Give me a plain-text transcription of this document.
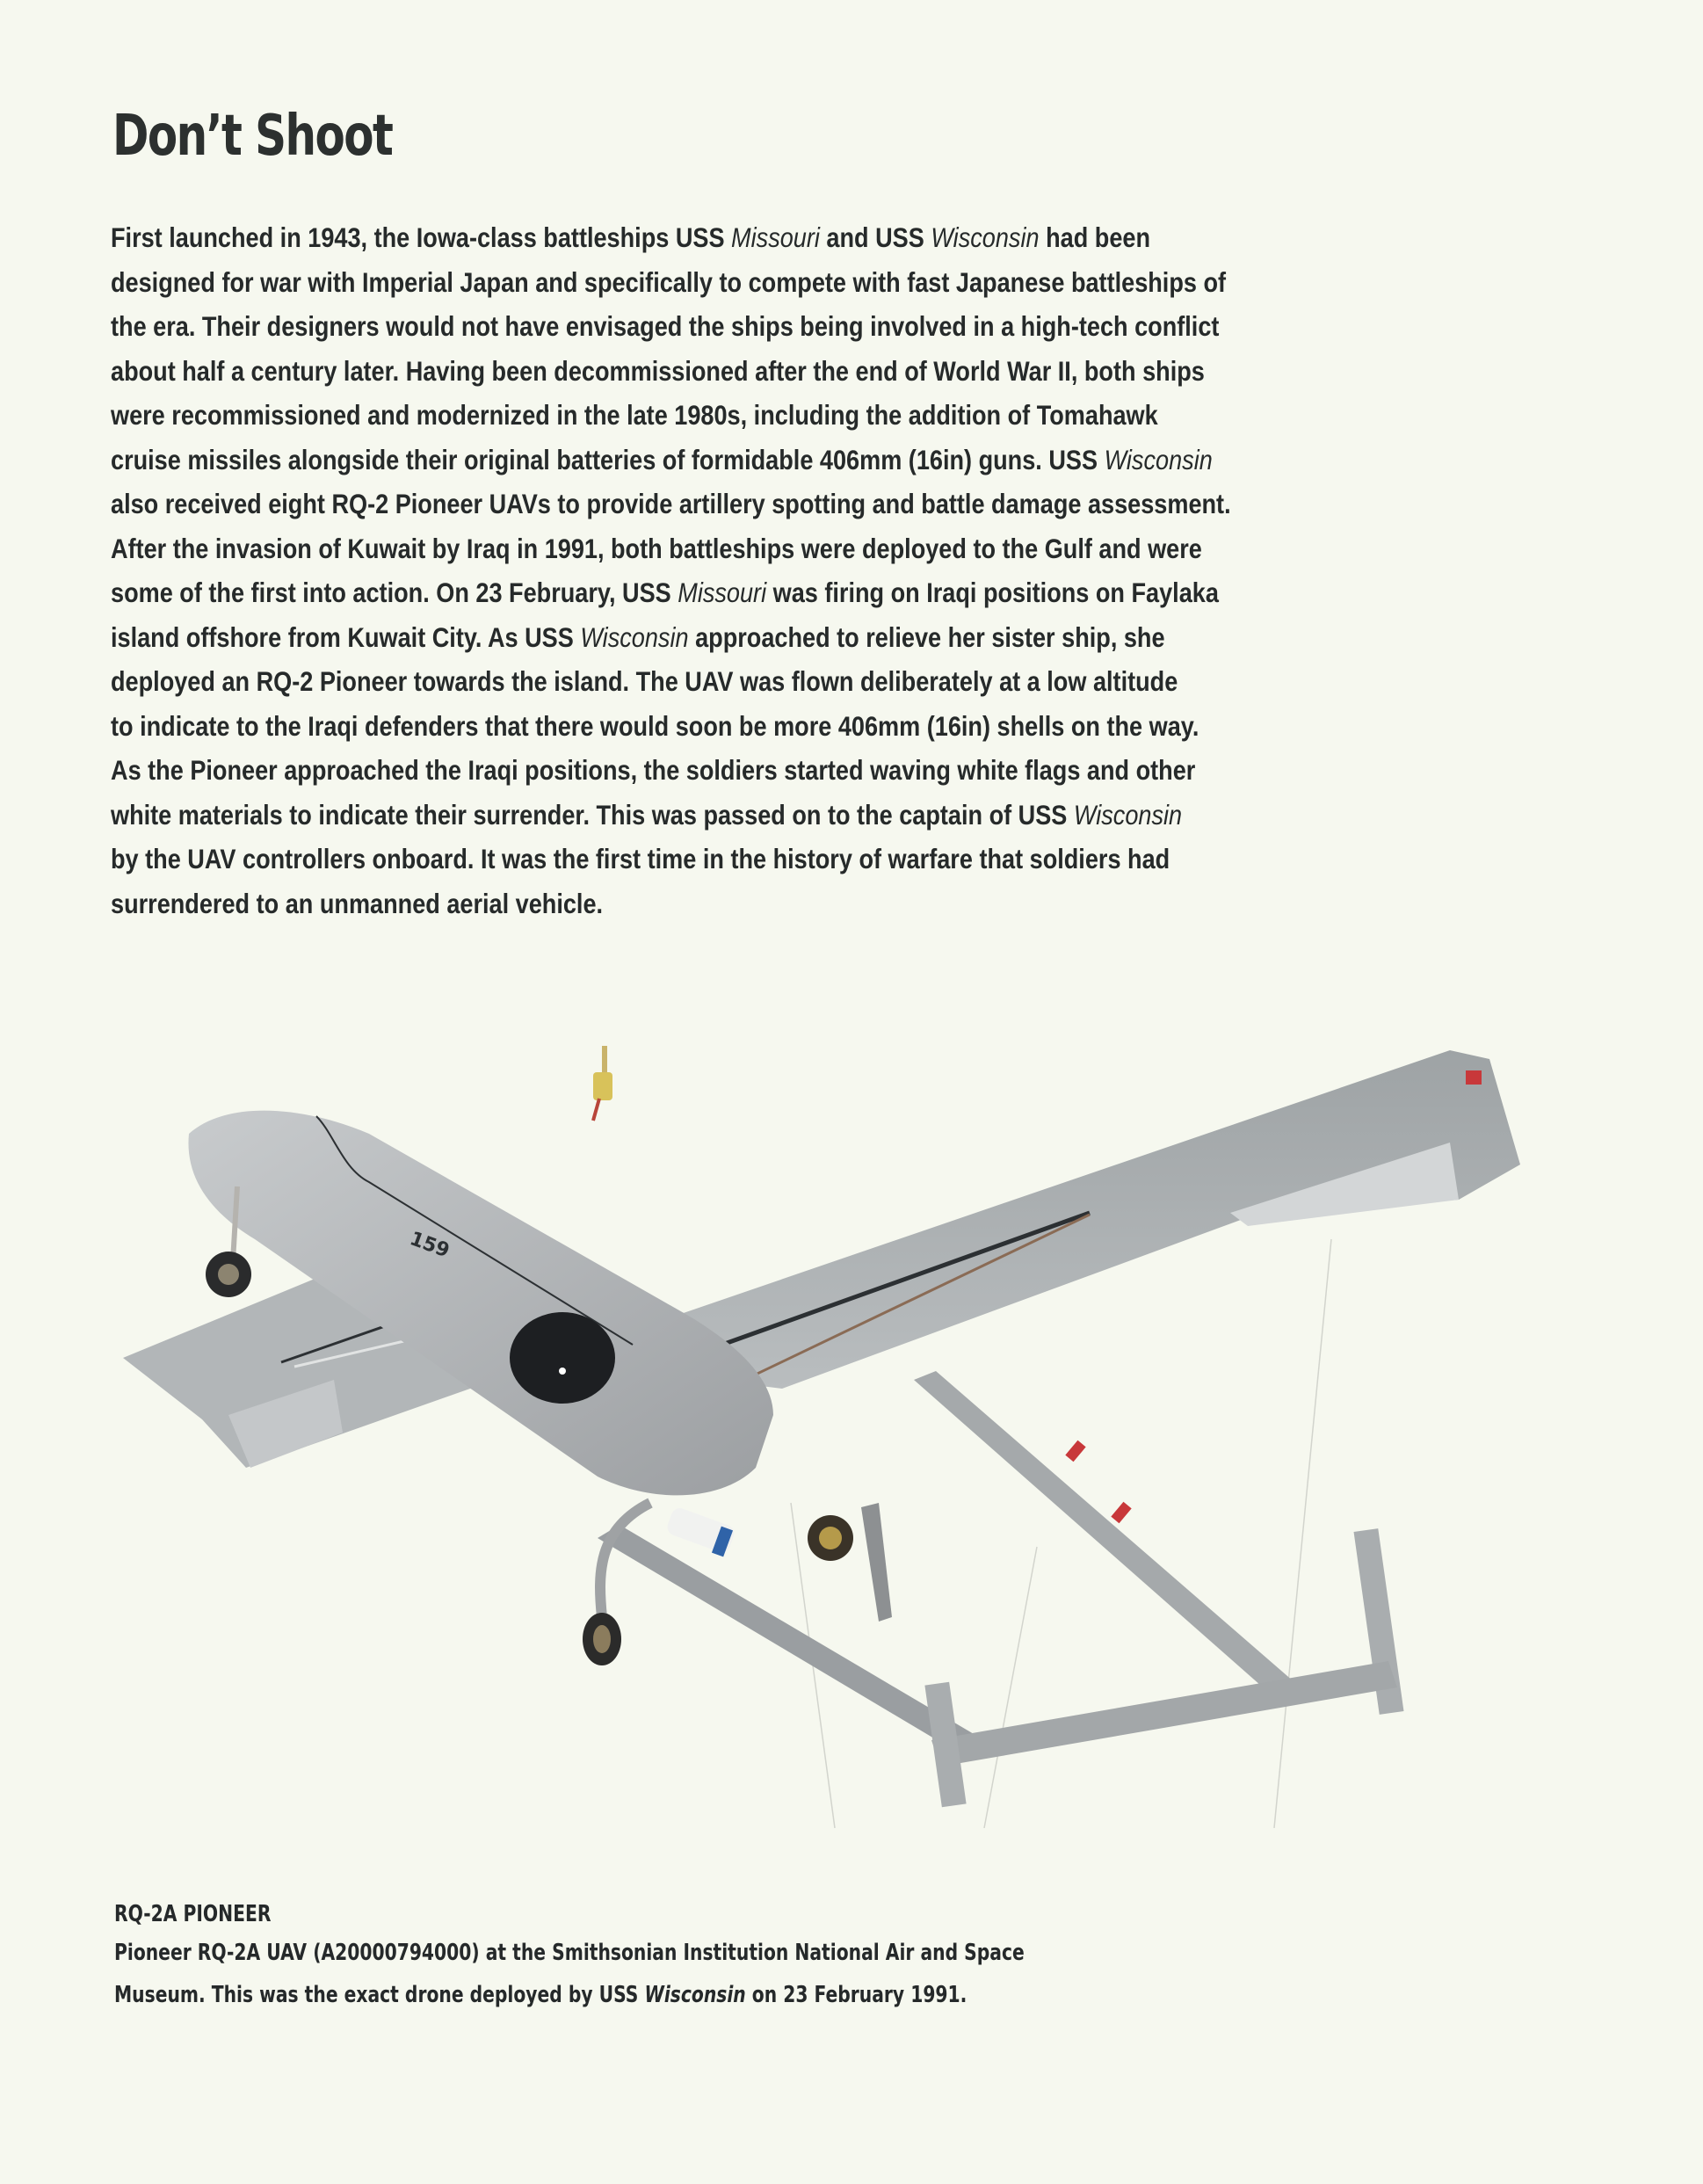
Don’t Shoot
First launched in 1943, the Iowa-class battleships USS Missouri and USS Wisconsin had been
designed for war with Imperial Japan and specifically to compete with fast Japanese battleships of
the era. Their designers would not have envisaged the ships being involved in a high-tech conflict
about half a century later. Having been decommissioned after the end of World War II, both ships
were recommissioned and modernized in the late 1980s, including the addition of Tomahawk
cruise missiles alongside their original batteries of formidable 406mm (16in) guns. USS Wisconsin
also received eight RQ-2 Pioneer UAVs to provide artillery spotting and battle damage assessment.
After the invasion of Kuwait by Iraq in 1991, both battleships were deployed to the Gulf and were
some of the first into action. On 23 February, USS Missouri was firing on Iraqi positions on Faylaka
island offshore from Kuwait City. As USS Wisconsin approached to relieve her sister ship, she
deployed an RQ-2 Pioneer towards the island. The UAV was flown deliberately at a low altitude
to indicate to the Iraqi defenders that there would soon be more 406mm (16in) shells on the way.
As the Pioneer approached the Iraqi positions, the soldiers started waving white flags and other
white materials to indicate their surrender. This was passed on to the captain of USS Wisconsin
by the UAV controllers onboard. It was the first time in the history of warfare that soldiers had
surrendered to an unmanned aerial vehicle.
159
RQ-2A PIONEER
Pioneer RQ-2A UAV (A20000794000) at the Smithsonian Institution National Air and Space
Museum. This was the exact drone deployed by USS Wisconsin on 23 February 1991.
